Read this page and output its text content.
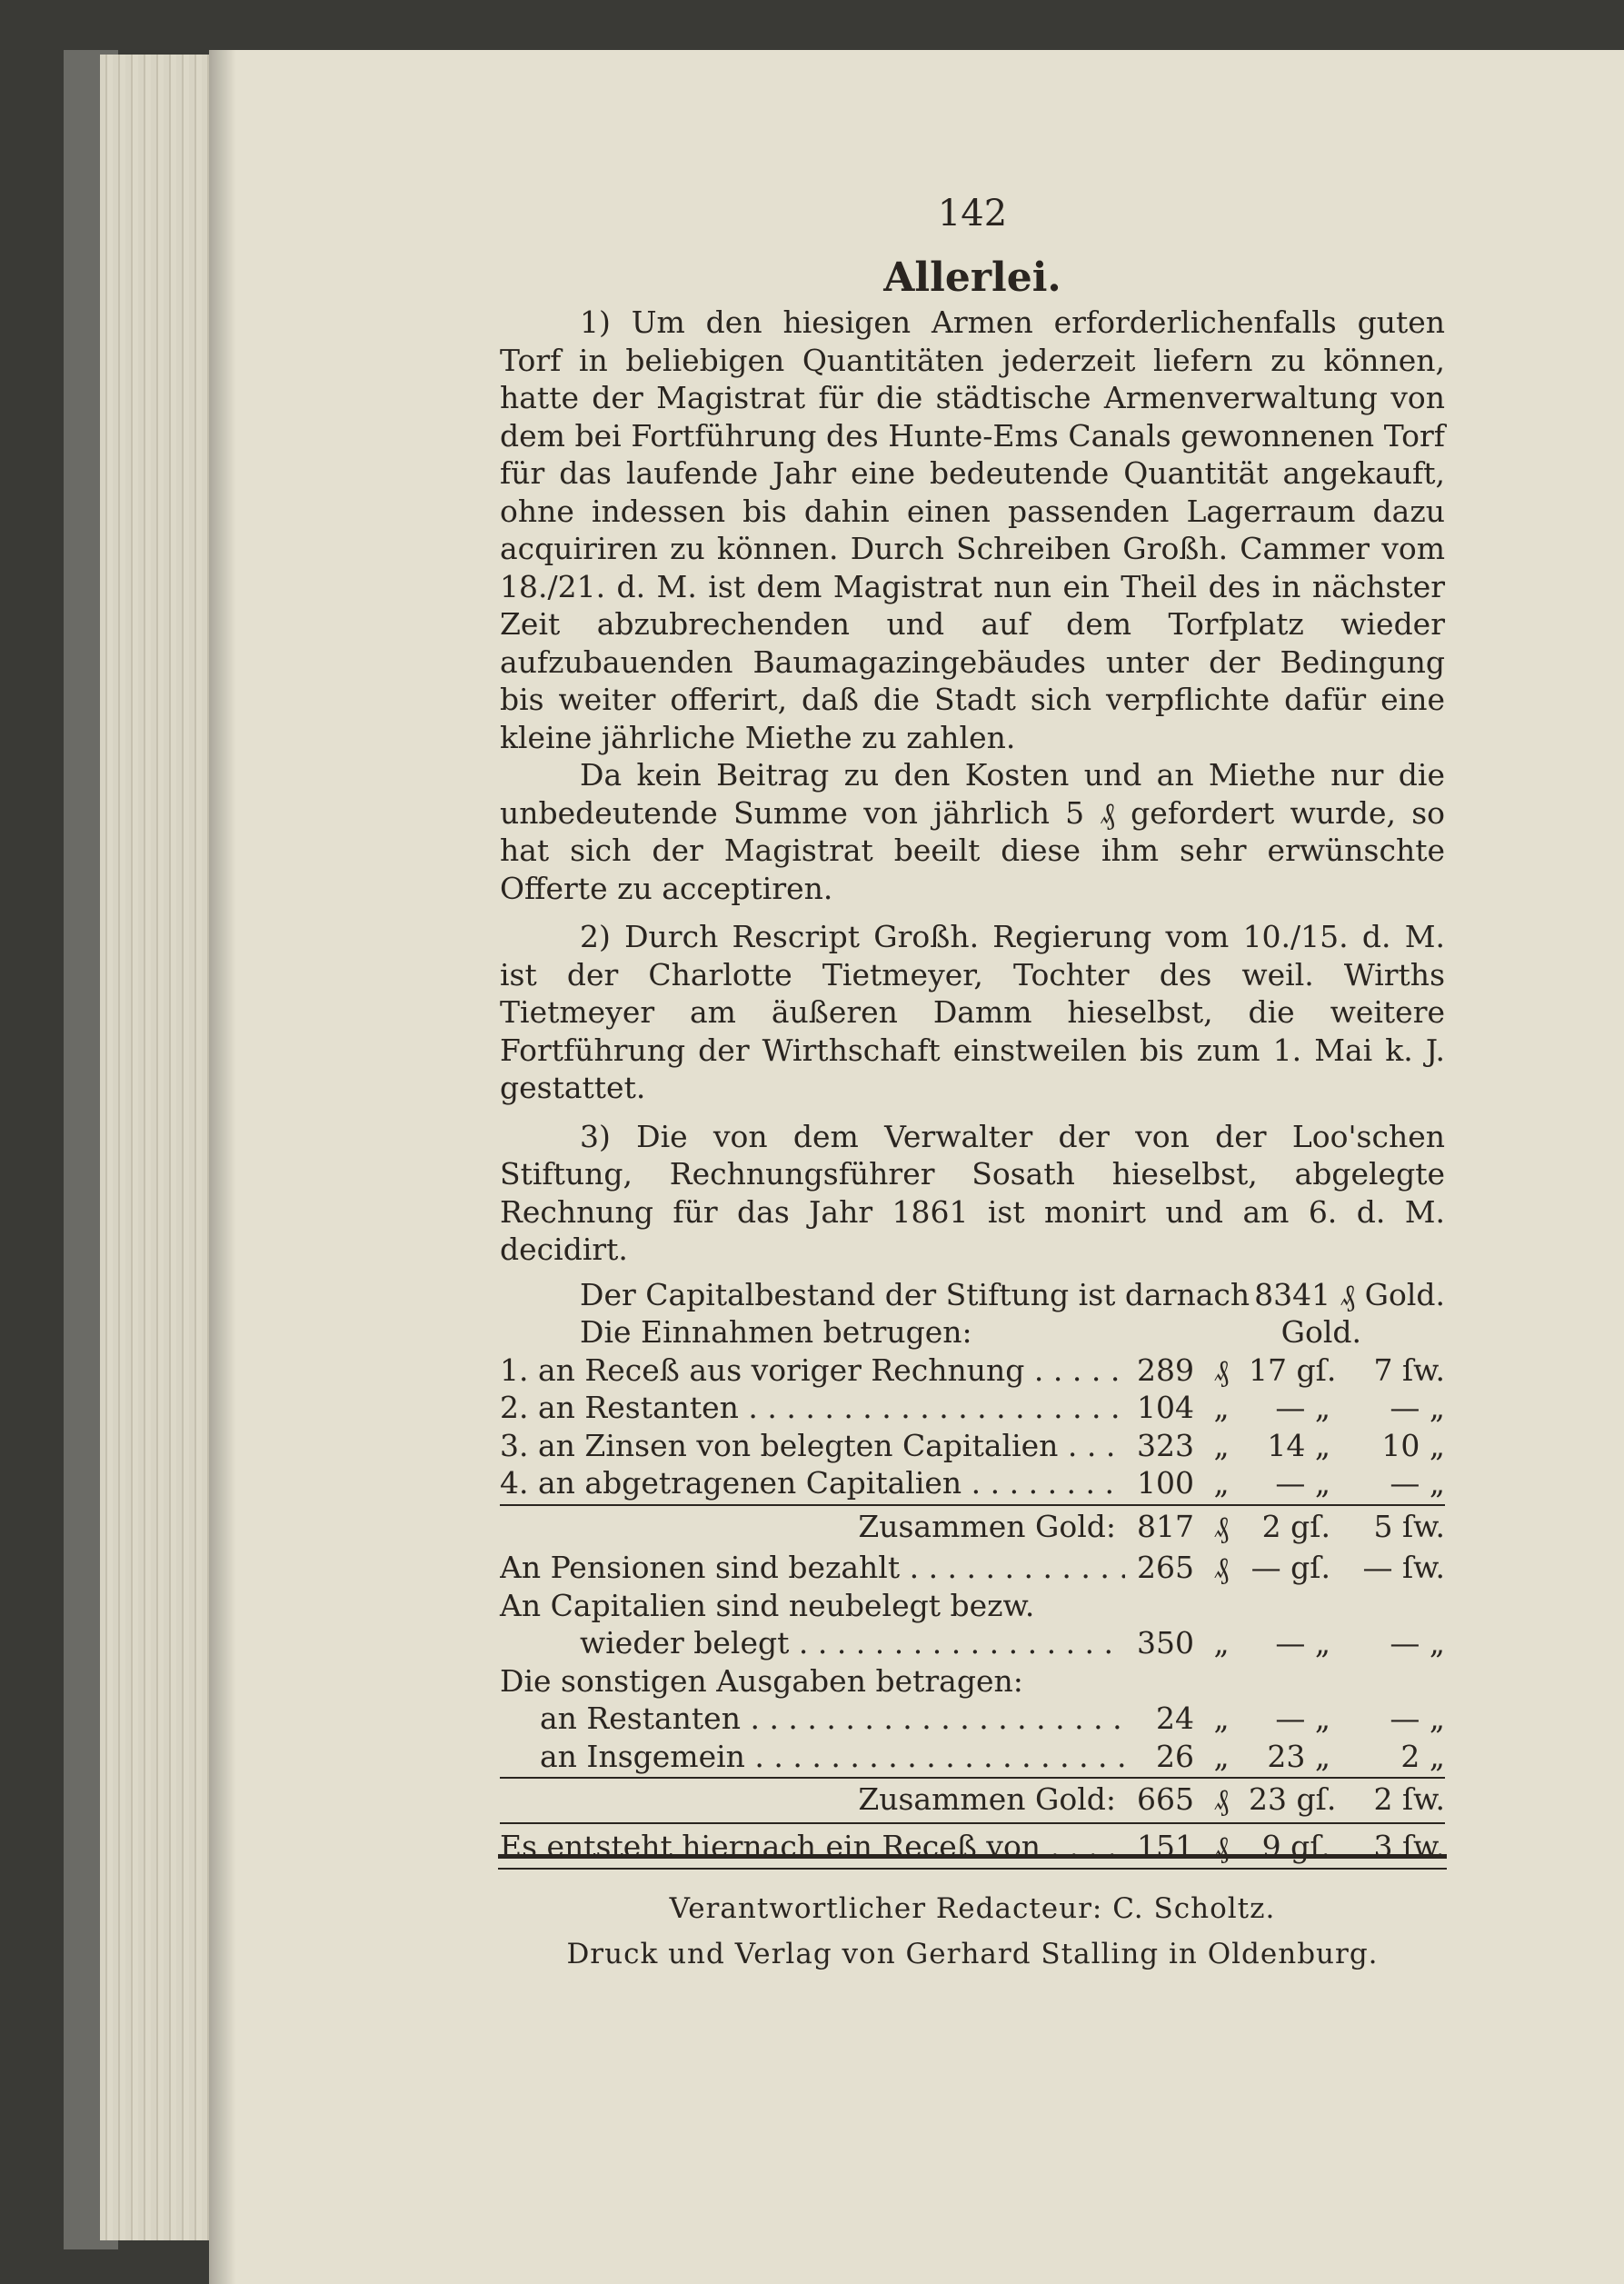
142
Allerlei.

1) Um den hiesigen Armen erforderlichenfalls guten Torf in beliebigen Quantitäten jederzeit liefern zu können, hatte der Magistrat für die städtische Armenverwaltung von dem bei Fortführung des Hunte-Ems Canals gewonnenen Torf für das laufende Jahr eine bedeutende Quantität angekauft, ohne indessen bis dahin einen passenden Lagerraum dazu acquiriren zu können. Durch Schreiben Großh. Cammer vom 18./21. d. M. ist dem Magistrat nun ein Theil des in nächster Zeit abzubrechenden und auf dem Torfplatz wieder aufzubauenden Baumagazingebäudes unter der Bedingung bis weiter offerirt, daß die Stadt sich verpflichte dafür eine kleine jährliche Miethe zu zahlen.

Da kein Beitrag zu den Kosten und an Miethe nur die unbedeutende Summe von jährlich 5 ₰ gefordert wurde, so hat sich der Magistrat beeilt diese ihm sehr erwünschte Offerte zu acceptiren.

2) Durch Rescript Großh. Regierung vom 10./15. d. M. ist der Charlotte Tietmeyer, Tochter des weil. Wirths Tietmeyer am äußeren Damm hieselbst, die weitere Fortführung der Wirthschaft einstweilen bis zum 1. Mai k. J. gestattet.

3) Die von dem Verwalter der von der Loo'schen Stiftung, Rechnungsführer Sosath hieselbst, abgelegte Rechnung für das Jahr 1861 ist monirt und am 6. d. M. decidirt.

Der Capitalbestand der Stiftung ist darnach 8341 ₰ Gold.
Die Einnahmen betrugen:	Gold.
1. an Receß aus voriger Rechnung . . .	289 ₰ 17 gſ.	7 ſw.
2. an Restanten . . .	104 „	— „	— „
3. an Zinsen von belegten Capitalien . . .	323 „	14 „	10 „
4. an abgetragenen Capitalien . . .	100 „	— „	— „
Zusammen Gold: 817 ₰	2 gſ.	5 ſw.
An Pensionen sind bezahlt . . .	265 ₰ — gſ.	— ſw.
An Capitalien sind neubelegt bezw.
wieder belegt . . .	350 „	— „	— „
Die sonstigen Ausgaben betragen:
an Restanten . . .	24 „	— „	— „
an Insgemein . . .	26 „	23 „	2 „
Zusammen Gold: 665 ₰ 23 gſ.	2 ſw.
Es entsteht hiernach ein Receß von . . .	151 ₰	9 gſ.	3 ſw.
Verantwortlicher Redacteur: C. Scholtz.
Druck und Verlag von Gerhard Stalling in Oldenburg.
